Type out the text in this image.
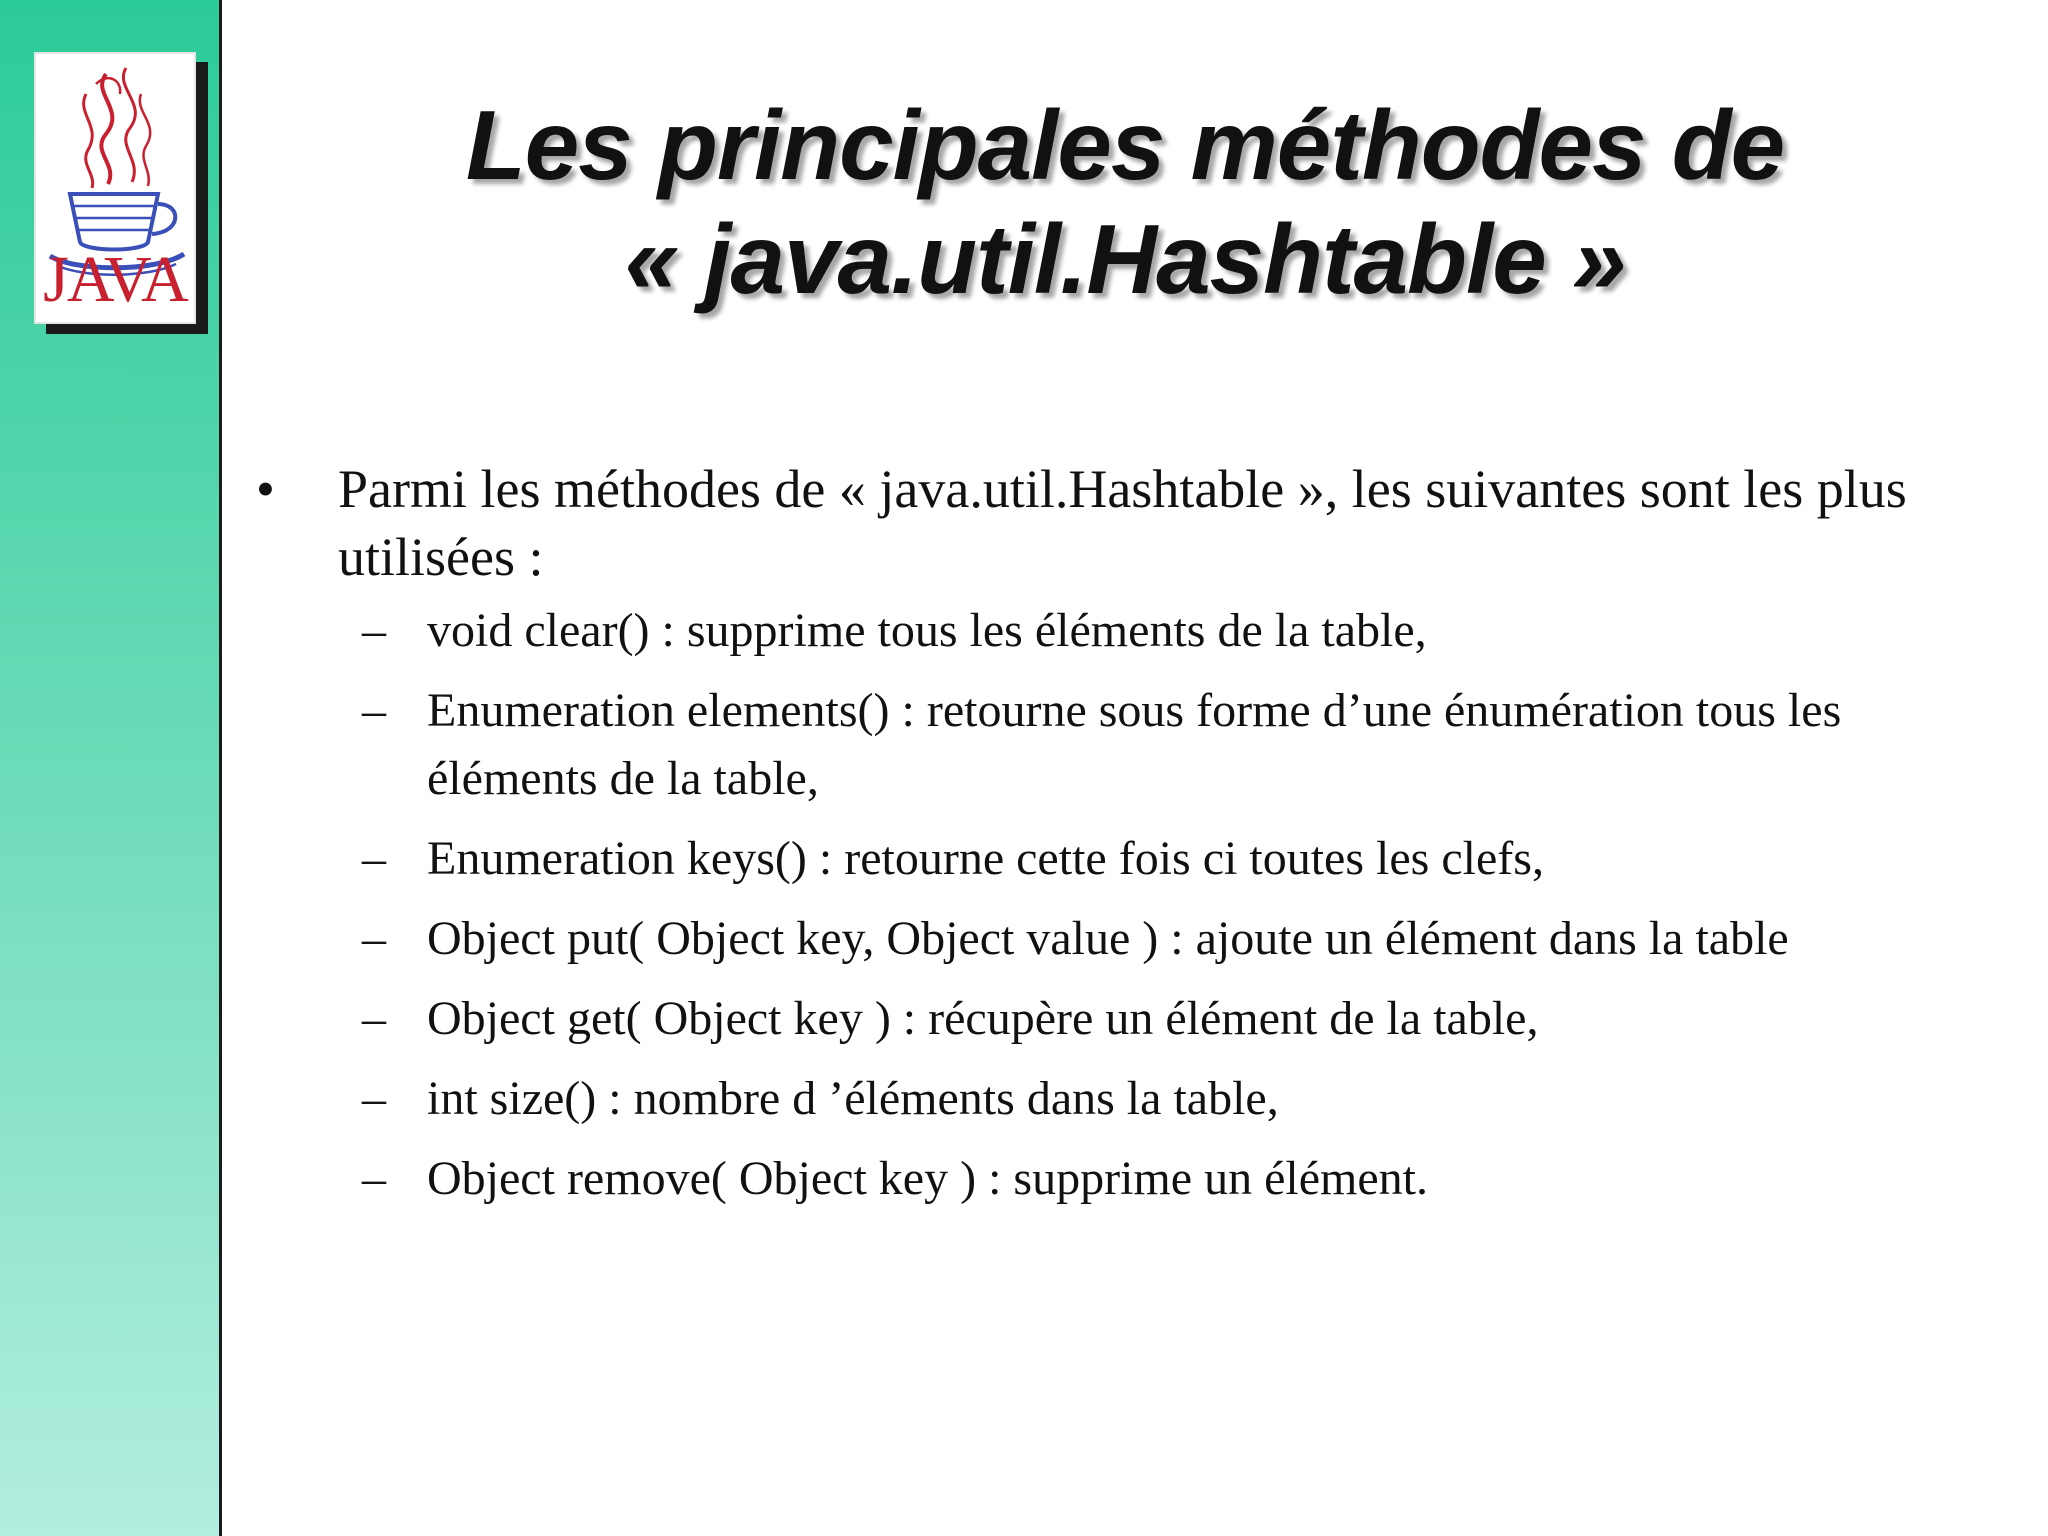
JAVA
Les principales méthodes de
« java.util.Hashtable »
• Parmi les méthodes de « java.util.Hashtable », les suivantes sont les plus utilisées :
– void clear() : supprime tous les éléments de la table,
– Enumeration elements() : retourne sous forme d’une énumération tous les éléments de la table,
– Enumeration keys() : retourne cette fois ci toutes les clefs,
– Object put( Object key, Object value ) : ajoute un élément dans la table
– Object get( Object key ) : récupère un élément de la table,
– int size() : nombre d ’éléments dans la table,
– Object remove( Object key ) : supprime un élément.
